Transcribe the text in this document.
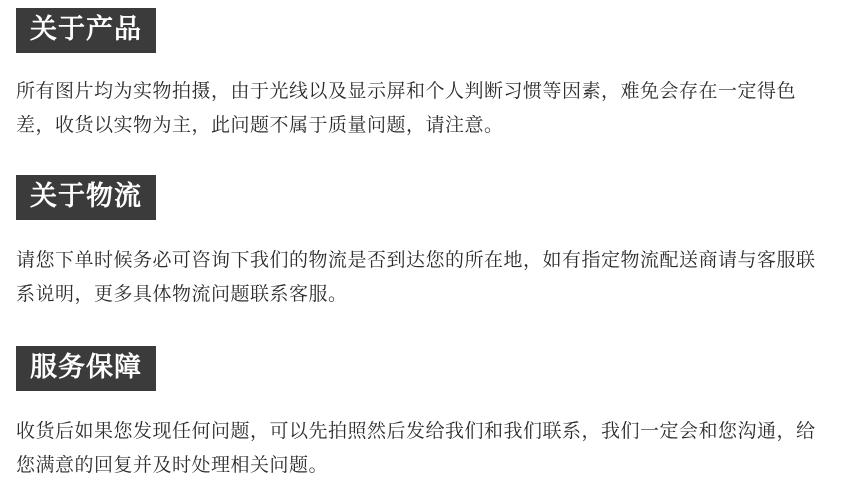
关于产品

所有图片均为实物拍摄，由于光线以及显示屏和个人判断习惯等因素，难免会存在一定得色差，收货以实物为主，此问题不属于质量问题，请注意。

关于物流

请您下单时候务必可咨询下我们的物流是否到达您的所在地，如有指定物流配送商请与客服联系说明，更多具体物流问题联系客服。

服务保障

收货后如果您发现任何问题，可以先拍照然后发给我们和我们联系，我们一定会和您沟通，给您满意的回复并及时处理相关问题。
